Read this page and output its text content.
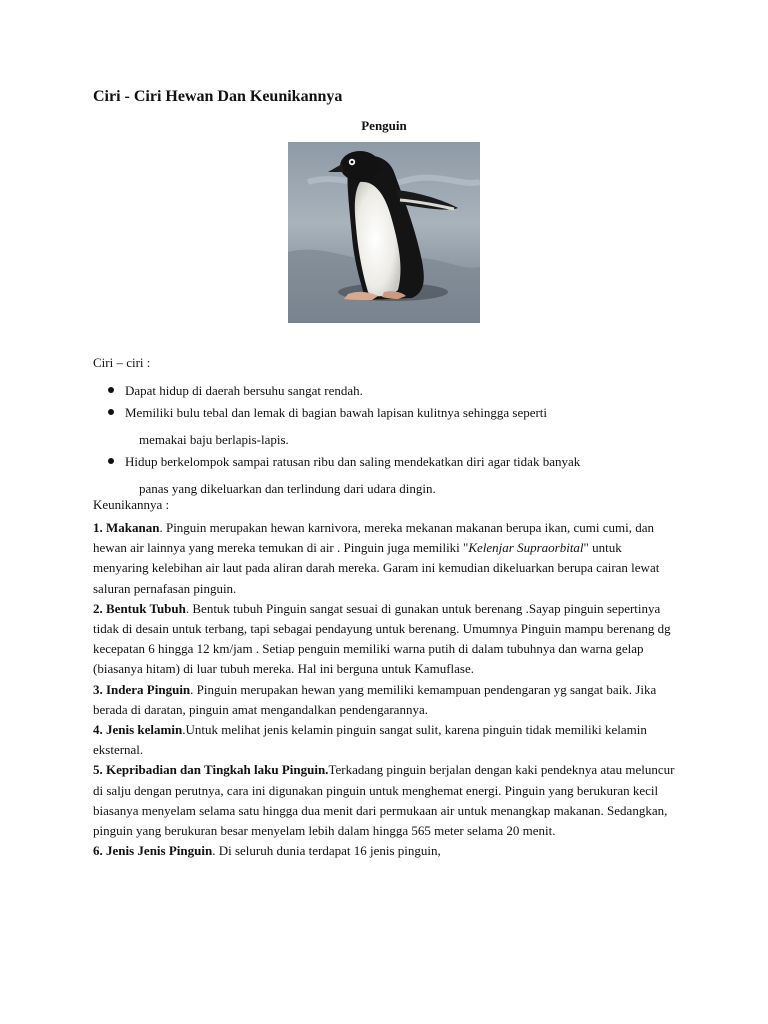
Ciri - Ciri Hewan Dan Keunikannya
Penguin

Ciri – ciri :

Dapat hidup di daerah bersuhu sangat rendah.
Memiliki bulu tebal dan lemak di bagian bawah lapisan kulitnya sehingga seperti
memakai baju berlapis-lapis.
Hidup berkelompok sampai ratusan ribu dan saling mendekatkan diri agar tidak banyak
panas yang dikeluarkan dan terlindung dari udara dingin.

Keunikannya :

1. Makanan. Pinguin merupakan hewan karnivora, mereka mekanan makanan berupa ikan, cumi cumi, dan hewan air lainnya yang mereka temukan di air . Pinguin juga memiliki "Kelenjar Supraorbital" untuk menyaring kelebihan air laut pada aliran darah mereka. Garam ini kemudian dikeluarkan berupa cairan lewat saluran pernafasan pinguin.

2. Bentuk Tubuh. Bentuk tubuh Pinguin sangat sesuai di gunakan untuk berenang .Sayap pinguin sepertinya tidak di desain untuk terbang, tapi sebagai pendayung untuk berenang. Umumnya Pinguin mampu berenang dg kecepatan 6 hingga 12 km/jam . Setiap penguin memiliki warna putih di dalam tubuhnya dan warna gelap (biasanya hitam) di luar tubuh mereka. Hal ini berguna untuk Kamuflase.

3. Indera Pinguin. Pinguin merupakan hewan yang memiliki kemampuan pendengaran yg sangat baik. Jika berada di daratan, pinguin amat mengandalkan pendengarannya.

4. Jenis kelamin.Untuk melihat jenis kelamin pinguin sangat sulit, karena pinguin tidak memiliki kelamin eksternal.

5. Kepribadian dan Tingkah laku Pinguin.Terkadang pinguin berjalan dengan kaki pendeknya atau meluncur di salju dengan perutnya, cara ini digunakan pinguin untuk menghemat energi. Pinguin yang berukuran kecil biasanya menyelam selama satu hingga dua menit dari permukaan air untuk menangkap makanan. Sedangkan, pinguin yang berukuran besar menyelam lebih dalam hingga 565 meter selama 20 menit.

6. Jenis Jenis Pinguin. Di seluruh dunia terdapat 16 jenis pinguin,
